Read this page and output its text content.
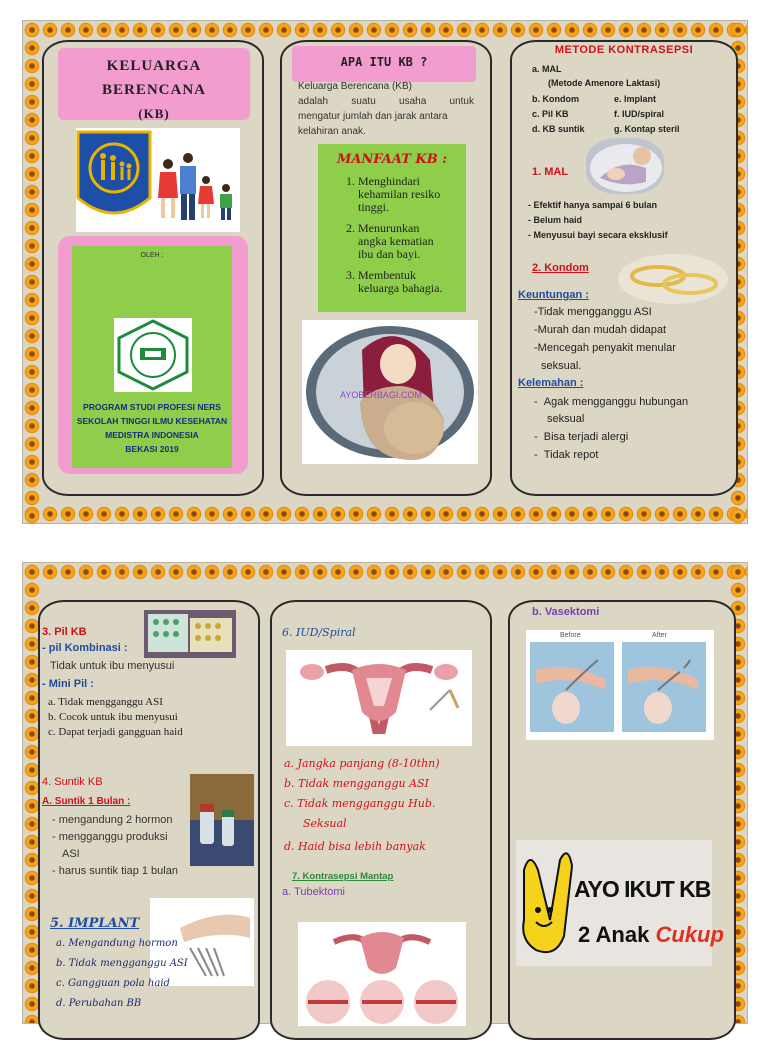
KELUARGA
BERENCANA
(KB)
OLEH :
PROGRAM STUDI PROFESI NERS
SEKOLAH TINGGI ILMU KESEHATAN
MEDISTRA INDONESIA
BEKASI 2019
APA ITU KB ?
Keluarga Berencana (KB)
adalah suatu usaha untuk
mengatur jumlah dan jarak antara
kelahiran anak.
MANFAAT KB :
1. Menghindari kehamilan resiko tinggi.
2. Menurunkan angka kematian ibu dan bayi.
3. Membentuk keluarga bahagia.
AYOBERBAGI.COM
METODE KONTRASEPSI
a. MAL
(Metode Amenore Laktasi)
b. Kondom
c. Pil KB
d. KB suntik
e. Implant
f. IUD/spiral
g. Kontap steril
1. MAL
- Efektif hanya sampai 6 bulan
- Belum haid
- Menyusui bayi secara eksklusif
2. Kondom
Keuntungan :
-Tidak mengganggu ASI
-Murah dan mudah didapat
-Mencegah penyakit menular
seksual.
Kelemahan :
-  Agak mengganggu hubungan
seksual
-  Bisa terjadi alergi
-  Tidak repot
3. Pil KB
- pil Kombinasi :
Tidak untuk ibu menyusui
- Mini Pil :
a. Tidak mengganggu ASI
b. Cocok untuk ibu menyusui
c. Dapat terjadi gangguan haid
4. Suntik KB
A. Suntik 1 Bulan :
- mengandung 2 hormon
- mengganggu produksi
ASI
- harus suntik tiap 1 bulan
5. IMPLANT
a. Mengandung hormon
b. Tidak mengganggu ASI
c. Gangguan pola haid
d. Perubahan BB
6. IUD/Spiral
a. Jangka panjang (8-10thn)
b. Tidak mengganggu ASI
c. Tidak mengganggu Hub.
Seksual
d. Haid bisa lebih banyak
7. Kontrasepsi Mantap
a. Tubektomi
b. Vasektomi
Before	After
AYO IKUT KB
2 Anak Cukup
